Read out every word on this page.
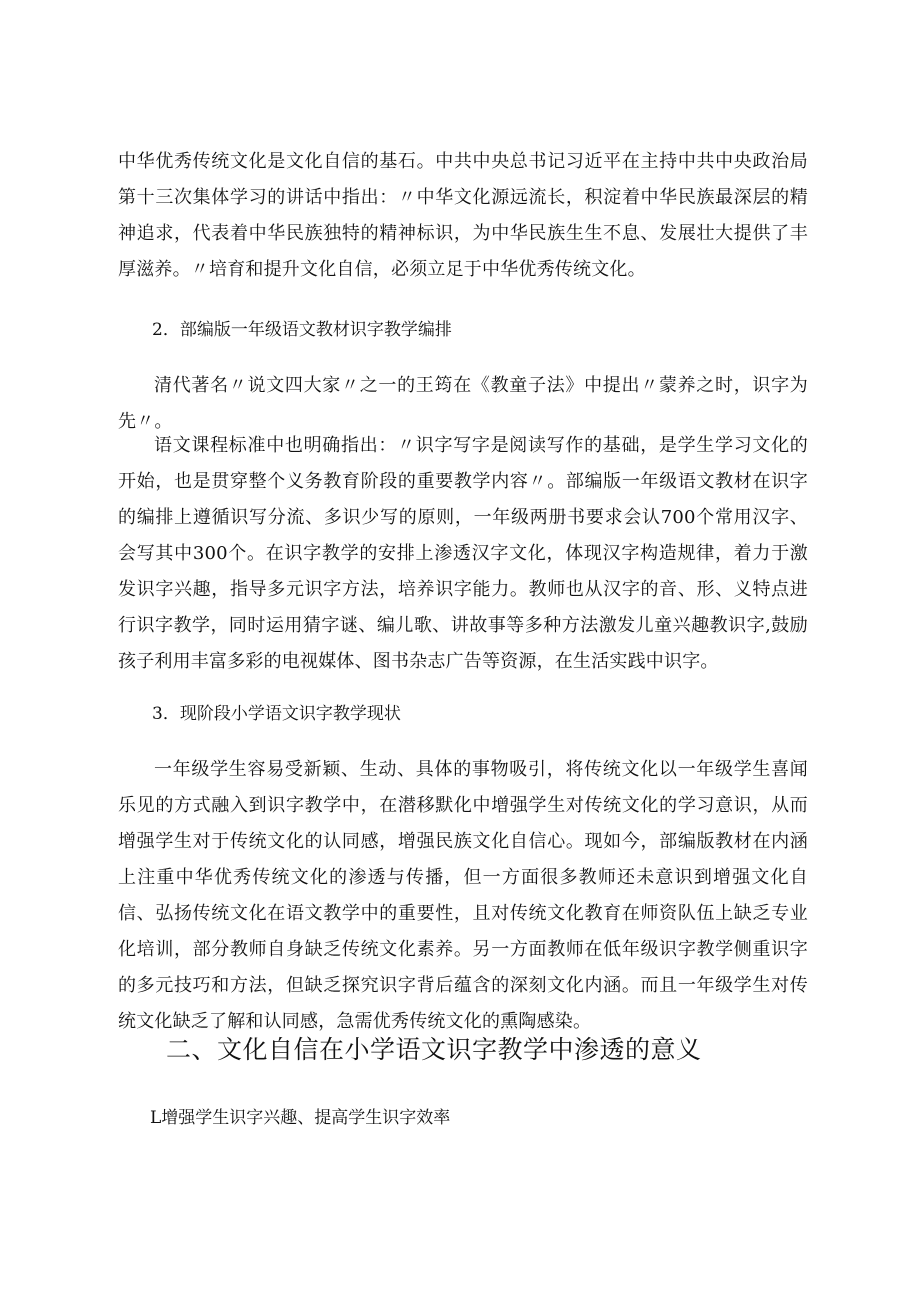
中华优秀传统文化是文化自信的基石。中共中央总书记习近平在主持中共中央政治局第十三次集体学习的讲话中指出：〃中华文化源远流长，积淀着中华民族最深层的精神追求，代表着中华民族独特的精神标识，为中华民族生生不息、发展壮大提供了丰厚滋养。〃培育和提升文化自信，必须立足于中华优秀传统文化。

2．部编版一年级语文教材识字教学编排

清代著名〃说文四大家〃之一的王筠在《教童子法》中提出〃蒙养之时，识字为先〃。

语文课程标准中也明确指出：〃识字写字是阅读写作的基础，是学生学习文化的开始，也是贯穿整个义务教育阶段的重要教学内容〃。部编版一年级语文教材在识字的编排上遵循识写分流、多识少写的原则，一年级两册书要求会认700个常用汉字、会写其中300个。在识字教学的安排上渗透汉字文化，体现汉字构造规律，着力于激发识字兴趣，指导多元识字方法，培养识字能力。教师也从汉字的音、形、义特点进行识字教学，同时运用猜字谜、编儿歌、讲故事等多种方法激发儿童兴趣教识字,鼓励孩子利用丰富多彩的电视媒体、图书杂志广告等资源，在生活实践中识字。

3．现阶段小学语文识字教学现状

一年级学生容易受新颖、生动、具体的事物吸引，将传统文化以一年级学生喜闻乐见的方式融入到识字教学中，在潜移默化中增强学生对传统文化的学习意识，从而增强学生对于传统文化的认同感，增强民族文化自信心。现如今，部编版教材在内涵上注重中华优秀传统文化的渗透与传播，但一方面很多教师还未意识到增强文化自信、弘扬传统文化在语文教学中的重要性，且对传统文化教育在师资队伍上缺乏专业化培训，部分教师自身缺乏传统文化素养。另一方面教师在低年级识字教学侧重识字的多元技巧和方法，但缺乏探究识字背后蕴含的深刻文化内涵。而且一年级学生对传统文化缺乏了解和认同感，急需优秀传统文化的熏陶感染。

二、文化自信在小学语文识字教学中渗透的意义

L增强学生识字兴趣、提高学生识字效率
